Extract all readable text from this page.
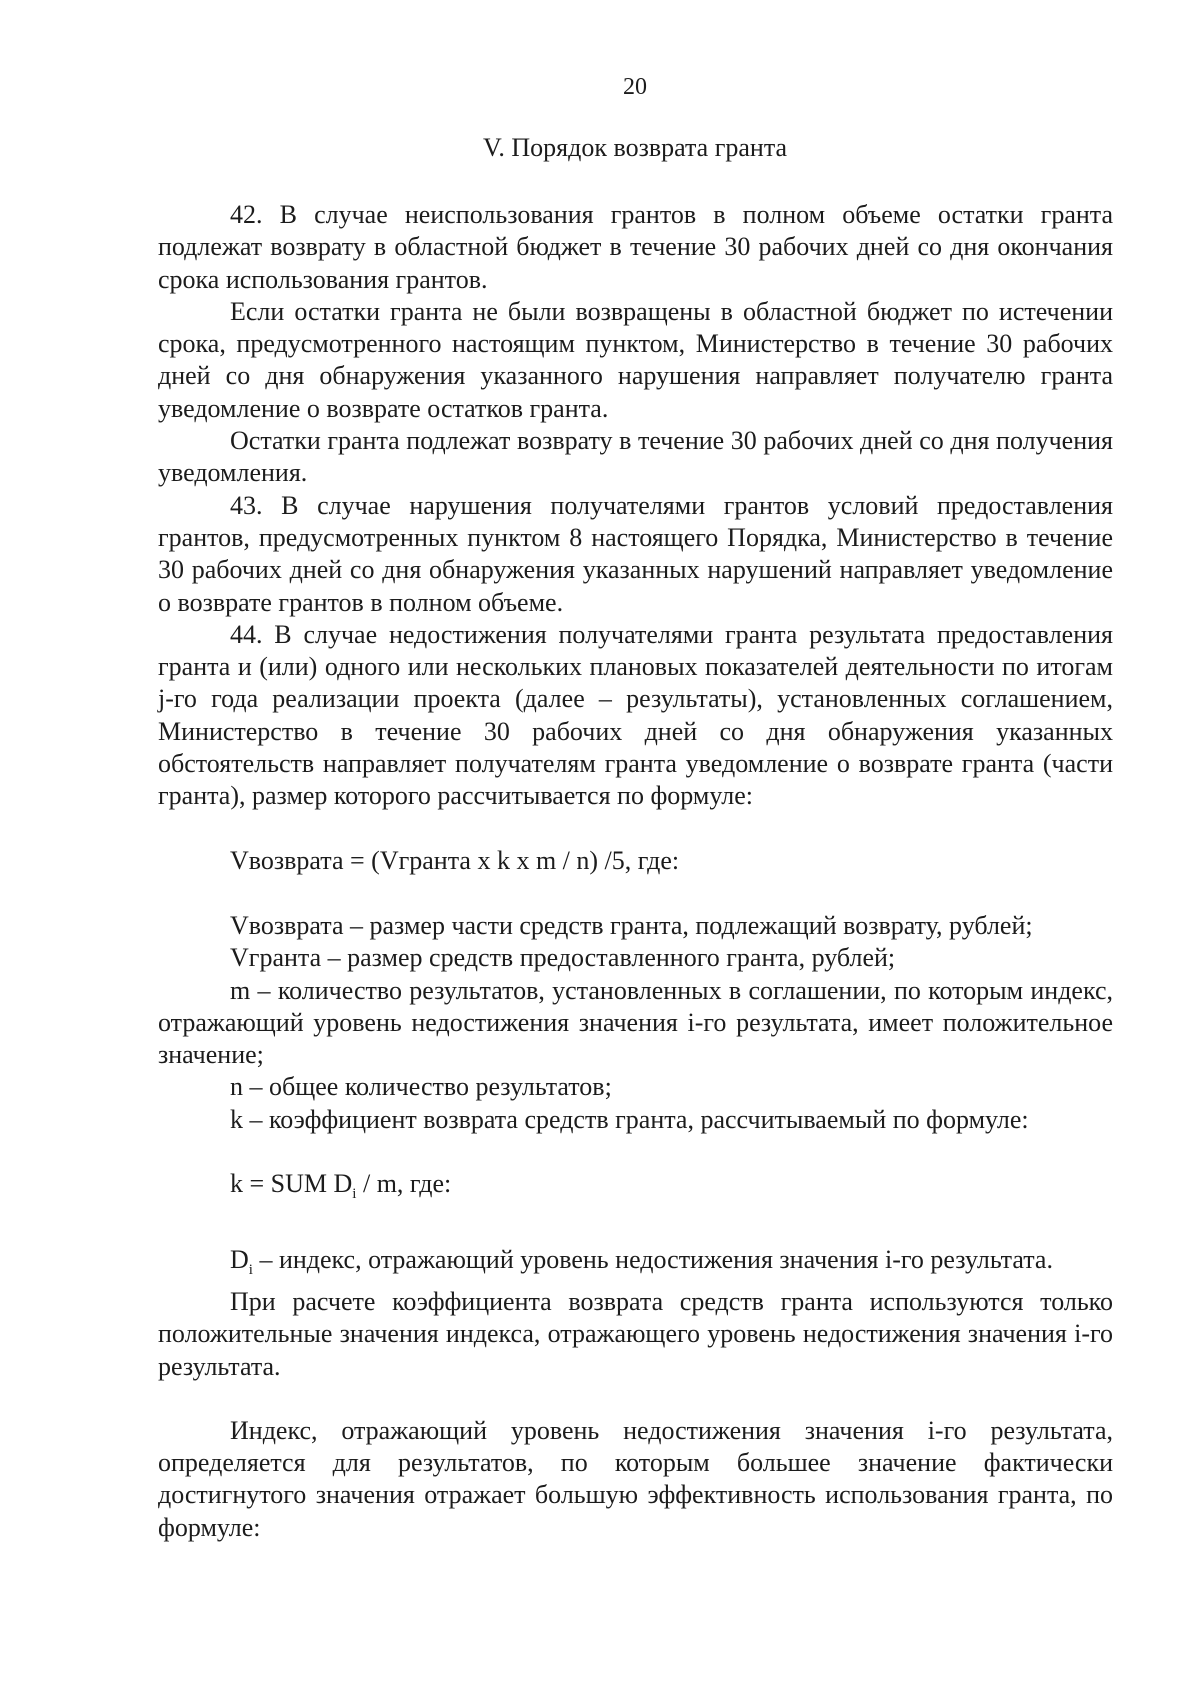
20
V. Порядок возврата гранта

42. В случае неиспользования грантов в полном объеме остатки гранта подлежат возврату в областной бюджет в течение 30 рабочих дней со дня окончания срока использования грантов.

Если остатки гранта не были возвращены в областной бюджет по истечении срока, предусмотренного настоящим пунктом, Министерство в течение 30 рабочих дней со дня обнаружения указанного нарушения направляет получателю гранта уведомление о возврате остатков гранта.

Остатки гранта подлежат возврату в течение 30 рабочих дней со дня получения уведомления.

43. В случае нарушения получателями грантов условий предоставления грантов, предусмотренных пунктом 8 настоящего Порядка, Министерство в течение 30 рабочих дней со дня обнаружения указанных нарушений направляет уведомление о возврате грантов в полном объеме.

44. В случае недостижения получателями гранта результата предоставления гранта и (или) одного или нескольких плановых показателей деятельности по итогам j-го года реализации проекта (далее – результаты), установленных соглашением, Министерство в течение 30 рабочих дней со дня обнаружения указанных обстоятельств направляет получателям гранта уведомление о возврате гранта (части гранта), размер которого рассчитывается по формуле:

Vвозврата = (Vгранта x k x m / n) /5, где:

Vвозврата – размер части средств гранта, подлежащий возврату, рублей;

Vгранта – размер средств предоставленного гранта, рублей;

m – количество результатов, установленных в соглашении, по которым индекс, отражающий уровень недостижения значения i-го результата, имеет положительное значение;

n – общее количество результатов;

k – коэффициент возврата средств гранта, рассчитываемый по формуле:

k = SUM $D_i$ / m, где:

$D_i$ – индекс, отражающий уровень недостижения значения i-го результата.

При расчете коэффициента возврата средств гранта используются только положительные значения индекса, отражающего уровень недостижения значения i-го результата.

Индекс, отражающий уровень недостижения значения i-го результата, определяется для результатов, по которым большее значение фактически достигнутого значения отражает большую эффективность использования гранта, по формуле:
